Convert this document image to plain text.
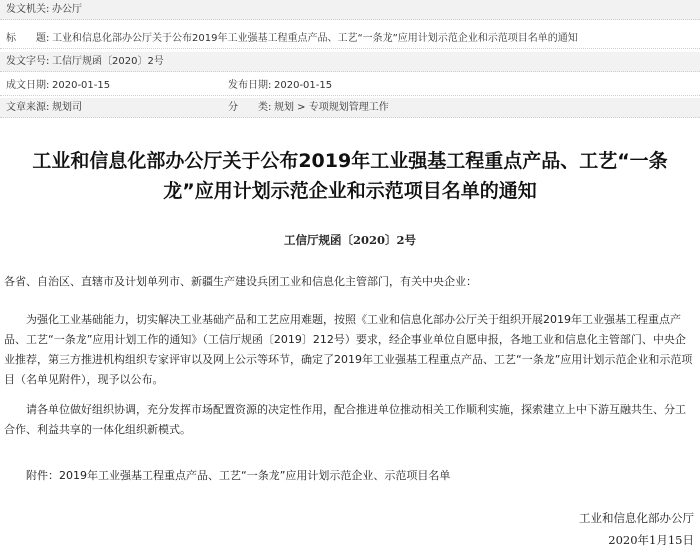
发文机关: 办公厅
标　　题: 工业和信息化部办公厅关于公布2019年工业强基工程重点产品、工艺“一条龙”应用计划示范企业和示范项目名单的通知
发文字号: 工信厅规函〔2020〕2号
成文日期: 2020-01-15	发布日期: 2020-01-15
文章来源: 规划司	分　　类: 规划 > 专项规划管理工作
工业和信息化部办公厅关于公布2019年工业强基工程重点产品、工艺“一条龙”应用计划示范企业和示范项目名单的通知
工信厅规函〔2020〕2号
各省、自治区、直辖市及计划单列市、新疆生产建设兵团工业和信息化主管部门，有关中央企业：
为强化工业基础能力，切实解决工业基础产品和工艺应用难题，按照《工业和信息化部办公厅关于组织开展2019年工业强基工程重点产品、工艺“一条龙”应用计划工作的通知》（工信厅规函〔2019〕212号）要求，经企事业单位自愿申报，各地工业和信息化主管部门、中央企业推荐，第三方推进机构组织专家评审以及网上公示等环节，确定了2019年工业强基工程重点产品、工艺“一条龙”应用计划示范企业和示范项目（名单见附件），现予以公布。
请各单位做好组织协调，充分发挥市场配置资源的决定性作用，配合推进单位推动相关工作顺利实施，探索建立上中下游互融共生、分工合作、利益共享的一体化组织新模式。
附件：2019年工业强基工程重点产品、工艺“一条龙”应用计划示范企业、示范项目名单
工业和信息化部办公厅
2020年1月15日
